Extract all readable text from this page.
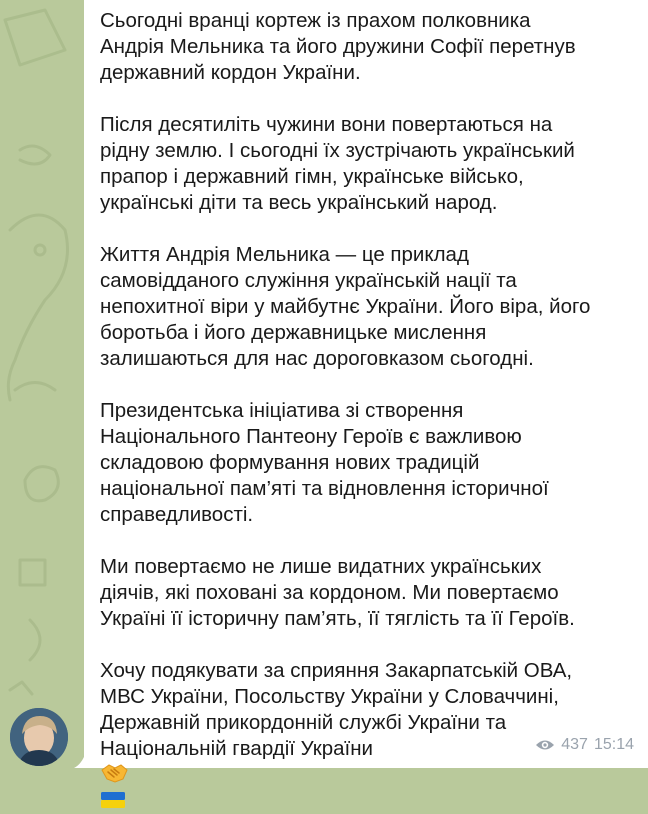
Сьогодні вранці кортеж із прахом полковника
Андрія Мельника та його дружини Софії перетнув
державний кордон України.

Після десятиліть чужини вони повертаються на
рідну землю. І сьогодні їх зустрічають український
прапор і державний гімн, українське військо,
українські діти та весь український народ.

Життя Андрія Мельника — це приклад
самовідданого служіння українській нації та
непохитної віри у майбутнє України. Його віра, його
боротьба і його державницьке мислення
залишаються для нас дороговказом сьогодні.

Президентська ініціатива зі створення
Національного Пантеону Героїв є важливою
складовою формування нових традицій
національної пам’яті та відновлення історичної
справедливості.

Ми повертаємо не лише видатних українських
діячів, які поховані за кордоном. Ми повертаємо
Україні її історичну пам’ять, її тяглість та її Героїв.

Хочу подякувати за сприяння Закарпатській ОВА,
МВС України, Посольству України у Словаччині,
Державній прикордонній службі України та
Національній гвардії України	437 15:14
